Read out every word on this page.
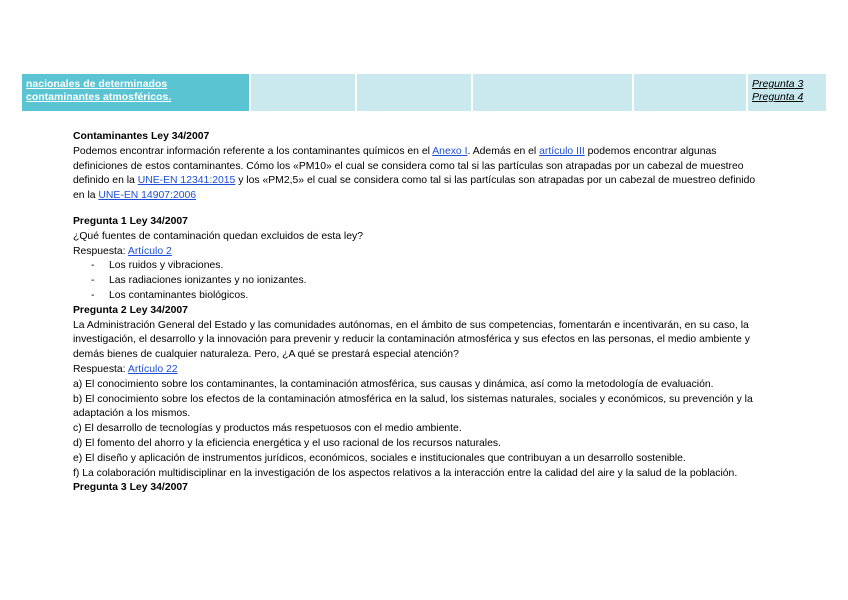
nacionales de determinados
contaminantes atmosféricos.
Pregunta 3
Pregunta 4

Contaminantes Ley 34/2007

Podemos encontrar información referente a los contaminantes químicos en el Anexo I. Además en el artículo III podemos encontrar algunas definiciones de estos contaminantes. Cómo los «PM10» el cual se considera como tal si las partículas son atrapadas por un cabezal de muestreo definido en la UNE-EN 12341:2015 y los «PM2,5» el cual se considera como tal si las partículas son atrapadas por un cabezal de muestreo definido en la UNE-EN 14907:2006

Pregunta 1 Ley 34/2007

¿Qué fuentes de contaminación quedan excluidos de esta ley?

Respuesta: Artículo 2

- Los ruidos y vibraciones.
- Las radiaciones ionizantes y no ionizantes.
- Los contaminantes biológicos.

Pregunta 2 Ley 34/2007

La Administración General del Estado y las comunidades autónomas, en el ámbito de sus competencias, fomentarán e incentivarán, en su caso, la investigación, el desarrollo y la innovación para prevenir y reducir la contaminación atmosférica y sus efectos en las personas, el medio ambiente y demás bienes de cualquier naturaleza. Pero, ¿A qué se prestará especial atención?

Respuesta: Artículo 22

a) El conocimiento sobre los contaminantes, la contaminación atmosférica, sus causas y dinámica, así como la metodología de evaluación.

b) El conocimiento sobre los efectos de la contaminación atmosférica en la salud, los sistemas naturales, sociales y económicos, su prevención y la adaptación a los mismos.

c) El desarrollo de tecnologías y productos más respetuosos con el medio ambiente.

d) El fomento del ahorro y la eficiencia energética y el uso racional de los recursos naturales.

e) El diseño y aplicación de instrumentos jurídicos, económicos, sociales e institucionales que contribuyan a un desarrollo sostenible.

f) La colaboración multidisciplinar en la investigación de los aspectos relativos a la interacción entre la calidad del aire y la salud de la población.

Pregunta 3 Ley 34/2007
